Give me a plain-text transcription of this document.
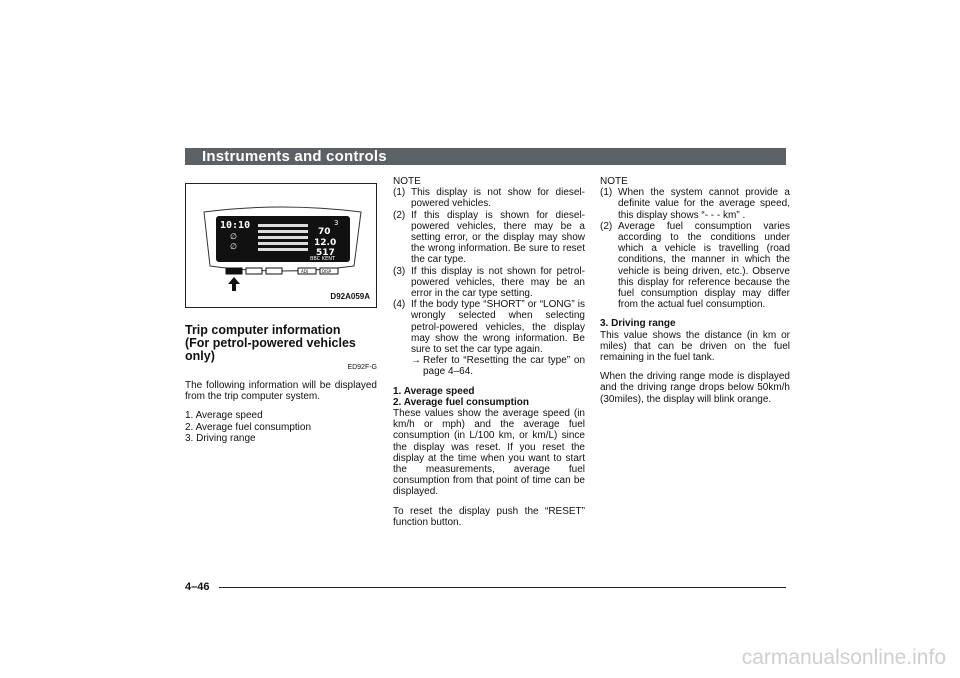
Instruments and controls
10:10
∅
∅
70
12.0
517
3
BBC KENT
ADJ	DISP
D92A059A
Trip computer information
(For petrol-powered vehicles only)
ED92F-G

The following information will be displayed from the trip computer system.

1. Average speed
2. Average fuel consumption
3. Driving range
NOTE
(1) This display is not show for diesel-powered vehicles.
(2) If this display is shown for diesel-powered vehicles, there may be a setting error, or the display may show the wrong information. Be sure to reset the car type.
(3) If this display is not shown for petrol-powered vehicles, there may be an error in the car type setting.
(4) If the body type “SHORT” or “LONG” is wrongly selected when selecting petrol-powered vehicles, the display may show the wrong information. Be sure to set the car type again.
→ Refer to “Resetting the car type” on page 4–64.
1. Average speed
2. Average fuel consumption

These values show the average speed (in km/h or mph) and the average fuel consumption (in L/100 km, or km/L) since the display was reset. If you reset the display at the time when you want to start the measurements, average fuel consumption from that point of time can be displayed.

To reset the display push the “RESET” function button.

NOTE
(1) When the system cannot provide a definite value for the average speed, this display shows “- - - km” .
(2) Average fuel consumption varies according to the conditions under which a vehicle is travelling (road conditions, the manner in which the vehicle is being driven, etc.). Observe this display for reference because the fuel consumption display may differ from the actual fuel consumption.
3. Driving range

This value shows the distance (in km or miles) that can be driven on the fuel remaining in the fuel tank.

When the driving range mode is displayed and the driving range drops below 50km/h (30miles), the display will blink orange.

4–46
carmanualsonline.info
